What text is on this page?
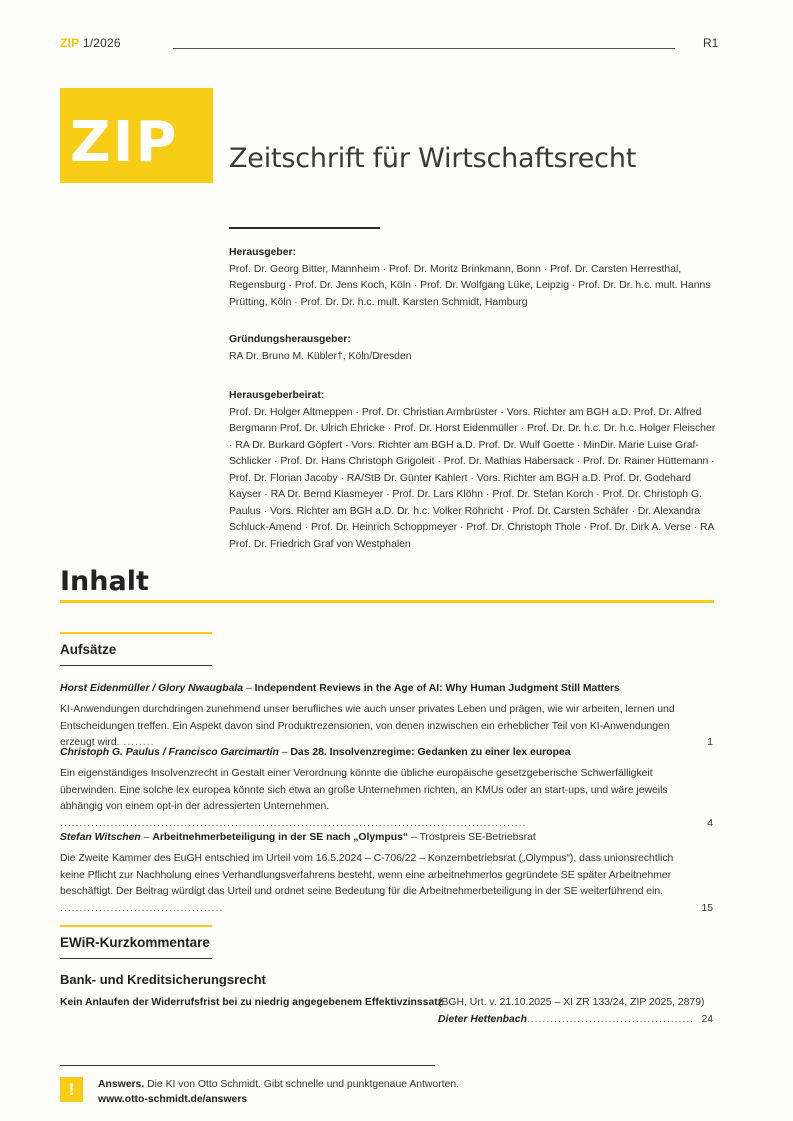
ZIP 1/2026	R1
ZIP Zeitschrift für Wirtschaftsrecht
Herausgeber:
Prof. Dr. Georg Bitter, Mannheim · Prof. Dr. Moritz Brinkmann, Bonn · Prof. Dr. Carsten Herresthal, Regensburg · Prof. Dr. Jens Koch, Köln · Prof. Dr. Wolfgang Lüke, Leipzig · Prof. Dr. Dr. h.c. mult. Hanns Prütting, Köln · Prof. Dr. Dr. h.c. mult. Karsten Schmidt, Hamburg
Gründungsherausgeber:
RA Dr. Bruno M. Kübler†, Köln/Dresden
Herausgeberbeirat:
Prof. Dr. Holger Altmeppen · Prof. Dr. Christian Armbrüster · Vors. Richter am BGH a.D. Prof. Dr. Alfred Bergmann Prof. Dr. Ulrich Ehricke · Prof. Dr. Horst Eidenmüller · Prof. Dr. Dr. h.c. Dr. h.c. Holger Fleischer · RA Dr. Burkard Göpfert · Vors. Richter am BGH a.D. Prof. Dr. Wulf Goette · MinDir. Marie Luise Graf-Schlicker · Prof. Dr. Hans Christoph Grigoleit · Prof. Dr. Mathias Habersack · Prof. Dr. Rainer Hüttemann · Prof. Dr. Florian Jacoby · RA/StB Dr. Günter Kahlert · Vors. Richter am BGH a.D. Prof. Dr. Godehard Kayser · RA Dr. Bernd Klasmeyer · Prof. Dr. Lars Klöhn · Prof. Dr. Stefan Korch · Prof. Dr. Christoph G. Paulus · Vors. Richter am BGH a.D. Dr. h.c. Volker Röhricht · Prof. Dr. Carsten Schäfer · Dr. Alexandra Schluck-Amend · Prof. Dr. Heinrich Schoppmeyer · Prof. Dr. Christoph Thole · Prof. Dr. Dirk A. Verse · RA Prof. Dr. Friedrich Graf von Westphalen
Inhalt
Aufsätze
Horst Eidenmüller / Glory Nwaugbala – Independent Reviews in the Age of AI: Why Human Judgment Still Matters
KI-Anwendungen durchdringen zunehmend unser berufliches wie auch unser privates Leben und prägen, wie wir arbeiten, lernen und Entscheidungen treffen. Ein Aspekt davon sind Produktrezensionen, von denen inzwischen ein erheblicher Teil von KI-Anwendungen erzeugt wird. ........	1
Christoph G. Paulus / Francisco Garcimartín – Das 28. Insolvenzregime: Gedanken zu einer lex europea
Ein eigenständiges Insolvenzrecht in Gestalt einer Verordnung könnte die übliche europäische gesetzgeberische Schwerfälligkeit überwinden. Eine solche lex europea könnte sich etwa an große Unternehmen richten, an KMUs oder an start-ups, und wäre jeweils abhängig von einem opt-in der adressierten Unternehmen. ........................................................................................................................	4
Stefan Witschen – Arbeitnehmerbeteiligung in der SE nach „Olympus“ – Trostpreis SE-Betriebsrat
Die Zweite Kammer des EuGH entschied im Urteil vom 16.5.2024 – C-706/22 – Konzernbetriebsrat („Olympus“), dass unionsrechtlich keine Pflicht zur Nachholung eines Verhandlungsverfahrens besteht, wenn eine arbeitnehmerlos gegründete SE später Arbeitnehmer beschäftigt. Der Beitrag würdigt das Urteil und ordnet seine Bedeutung für die Arbeitnehmerbeteiligung in der SE weiterführend ein. ..........................................	15
EWiR-Kurzkommentare
Bank- und Kreditsicherungsrecht
Kein Anlaufen der Widerrufsfrist bei zu niedrig angegebenem Effektivzinssatz
(BGH, Urt. v. 21.10.2025 – XI ZR 133/24, ZIP 2025, 2879)
Dieter Hettenbach
............................................ 24
!	Answers. Die KI von Otto Schmidt. Gibt schnelle und punktgenaue Antworten.
www.otto-schmidt.de/answers
